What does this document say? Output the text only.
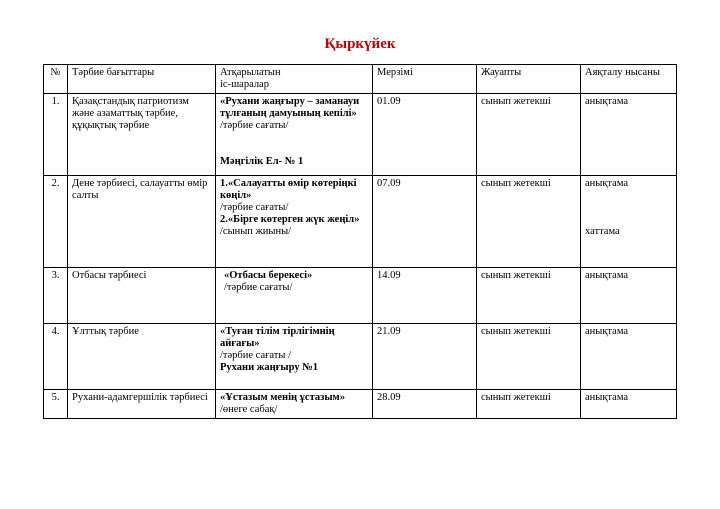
Қыркүйек
№	Тәрбие бағыттары	Атқарылатын
іс-шаралар	Мерзімі	Жауапты	Аяқталу нысаны
1.	Қазақстандық патриотизм және азаматтық тәрбие, құқықтық тәрбие	«Рухани жаңғыру – заманауи тұлғаның дамуының кепілі»
/тәрбие сағаты/
Мәңгілік Ел- № 1	01.09	сынып жетекші	анықтама
2.	Дене тәрбиесі, салауатты өмір салты	1.«Салауатты өмір көтеріңкі көңіл»
/тәрбие сағаты/
2.«Бірге көтерген жүк жеңіл»
/сынып жиыны/	07.09	сынып жетекші	анықтама
хаттама

3.	Отбасы тәрбиесі	«Отбасы берекесі»
/тәрбие сағаты/	14.09	сынып жетекші	анықтама
4.	Ұлттық тәрбие	«Туған тілім тірлігімнің айғағы»
/тәрбие сағаты /
Рухани жаңғыру №1	21.09	сынып жетекші	анықтама
5.	Рухани-адамгершілік тәрбиесі	«Ұстазым менің ұстазым»
/өнеге сабақ/	28.09	сынып жетекші	анықтама
